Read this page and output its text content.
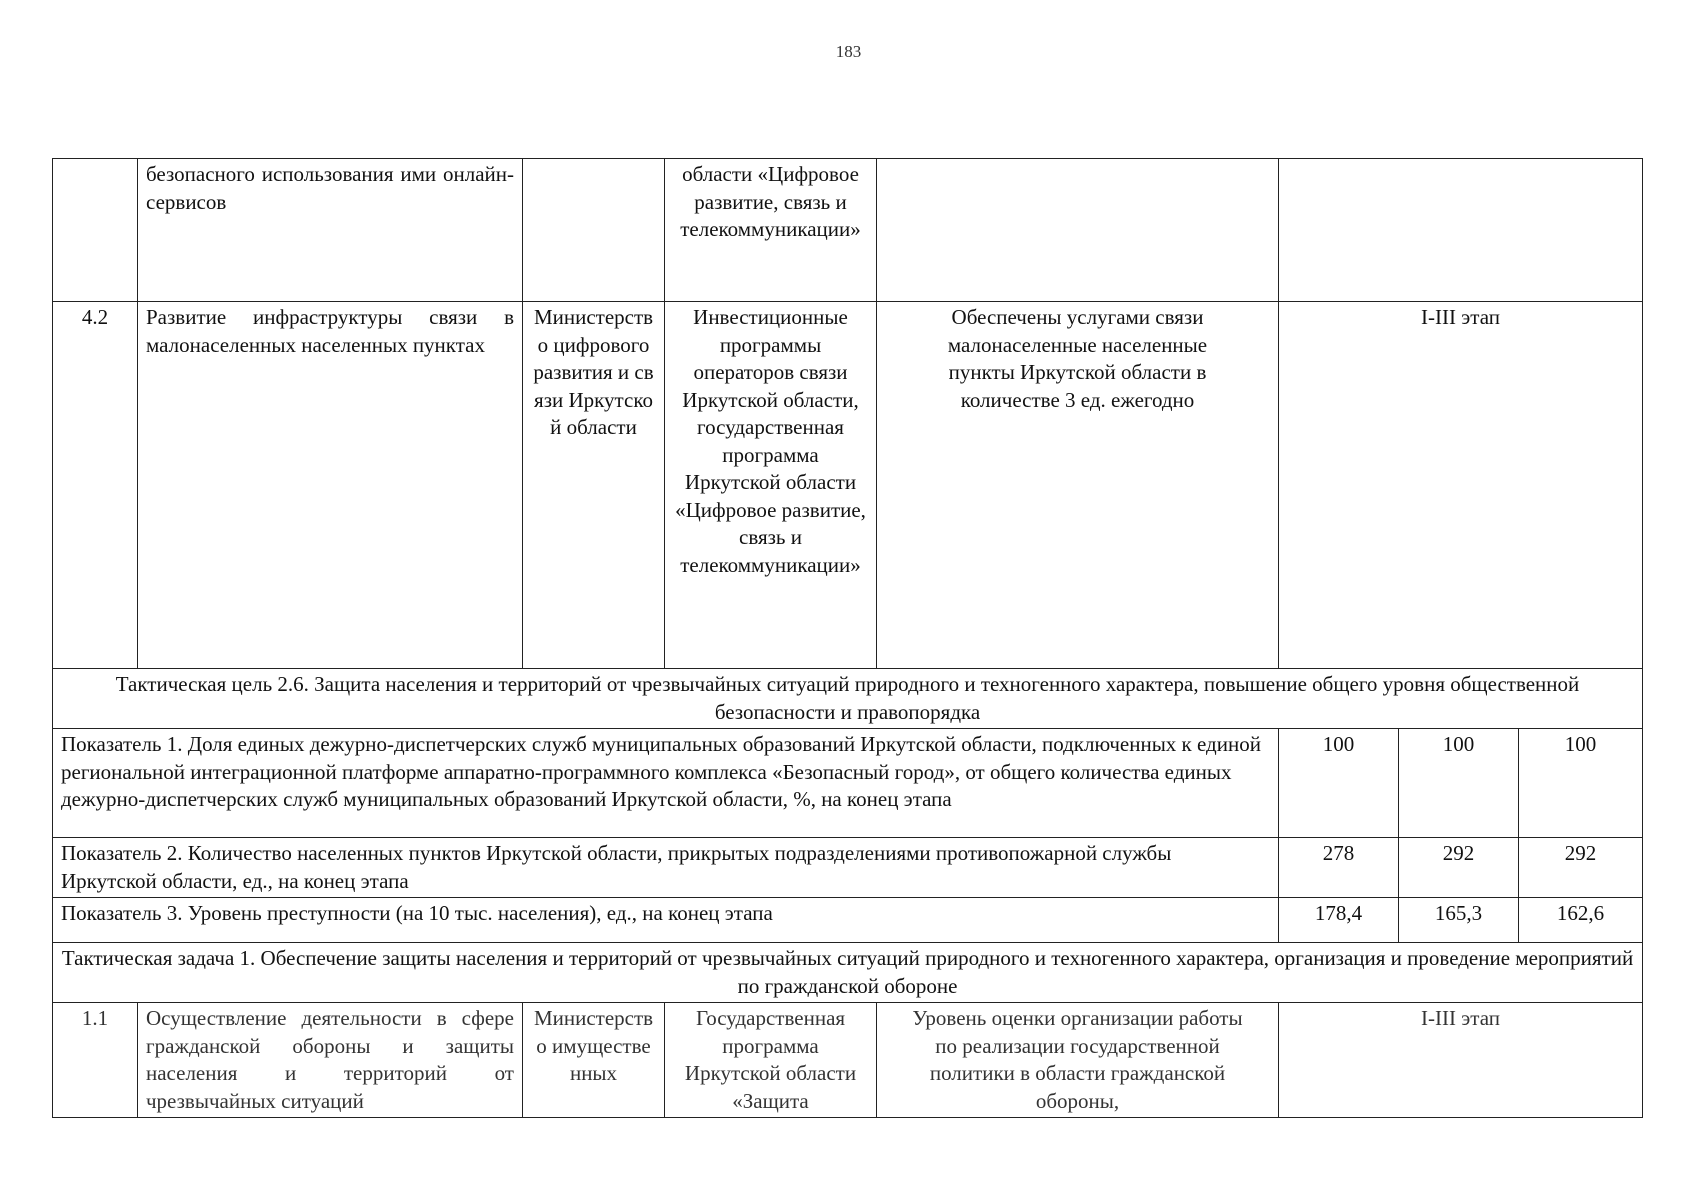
183
	безопасного использования ими онлайн-сервисов		области «Цифровое развитие, связь и телекоммуникации»				
4.2	Развитие инфраструктуры связи в малонаселенных населенных пунктах	Министерство цифрового развития и связи Иркутской области	Инвестиционные программы операторов связи Иркутской области, государственная программа Иркутской области «Цифровое развитие, связь и телекоммуникации»	Обеспечены услугами связи малонаселенные населенные пункты Иркутской области в количестве 3 ед. ежегодно	I-III этап		
Тактическая цель 2.6. Защита населения и территорий от чрезвычайных ситуаций природного и техногенного характера, повышение общего уровня общественной безопасности и правопорядка							
Показатель 1. Доля единых дежурно-диспетчерских служб муниципальных образований Иркутской области, подключенных к единой региональной интеграционной платформе аппаратно-программного комплекса «Безопасный город», от общего количества единых дежурно-диспетчерских служб муниципальных образований Иркутской области, %, на конец этапа					100	100	100
Показатель 2. Количество населенных пунктов Иркутской области, прикрытых подразделениями противопожарной службы Иркутской области, ед., на конец этапа					278	292	292
Показатель 3. Уровень преступности (на 10 тыс. населения), ед., на конец этапа					178,4	165,3	162,6
Тактическая задача 1. Обеспечение защиты населения и территорий от чрезвычайных ситуаций природного и техногенного характера, организация и проведение мероприятий по гражданской обороне							
1.1	Осуществление деятельности в сфере гражданской обороны и защиты населения и территорий от чрезвычайных ситуаций	Министерство имущественных	Государственная программа Иркутской области «Защита	Уровень оценки организации работы по реализации государственной политики в области гражданской обороны,	I-III этап		
